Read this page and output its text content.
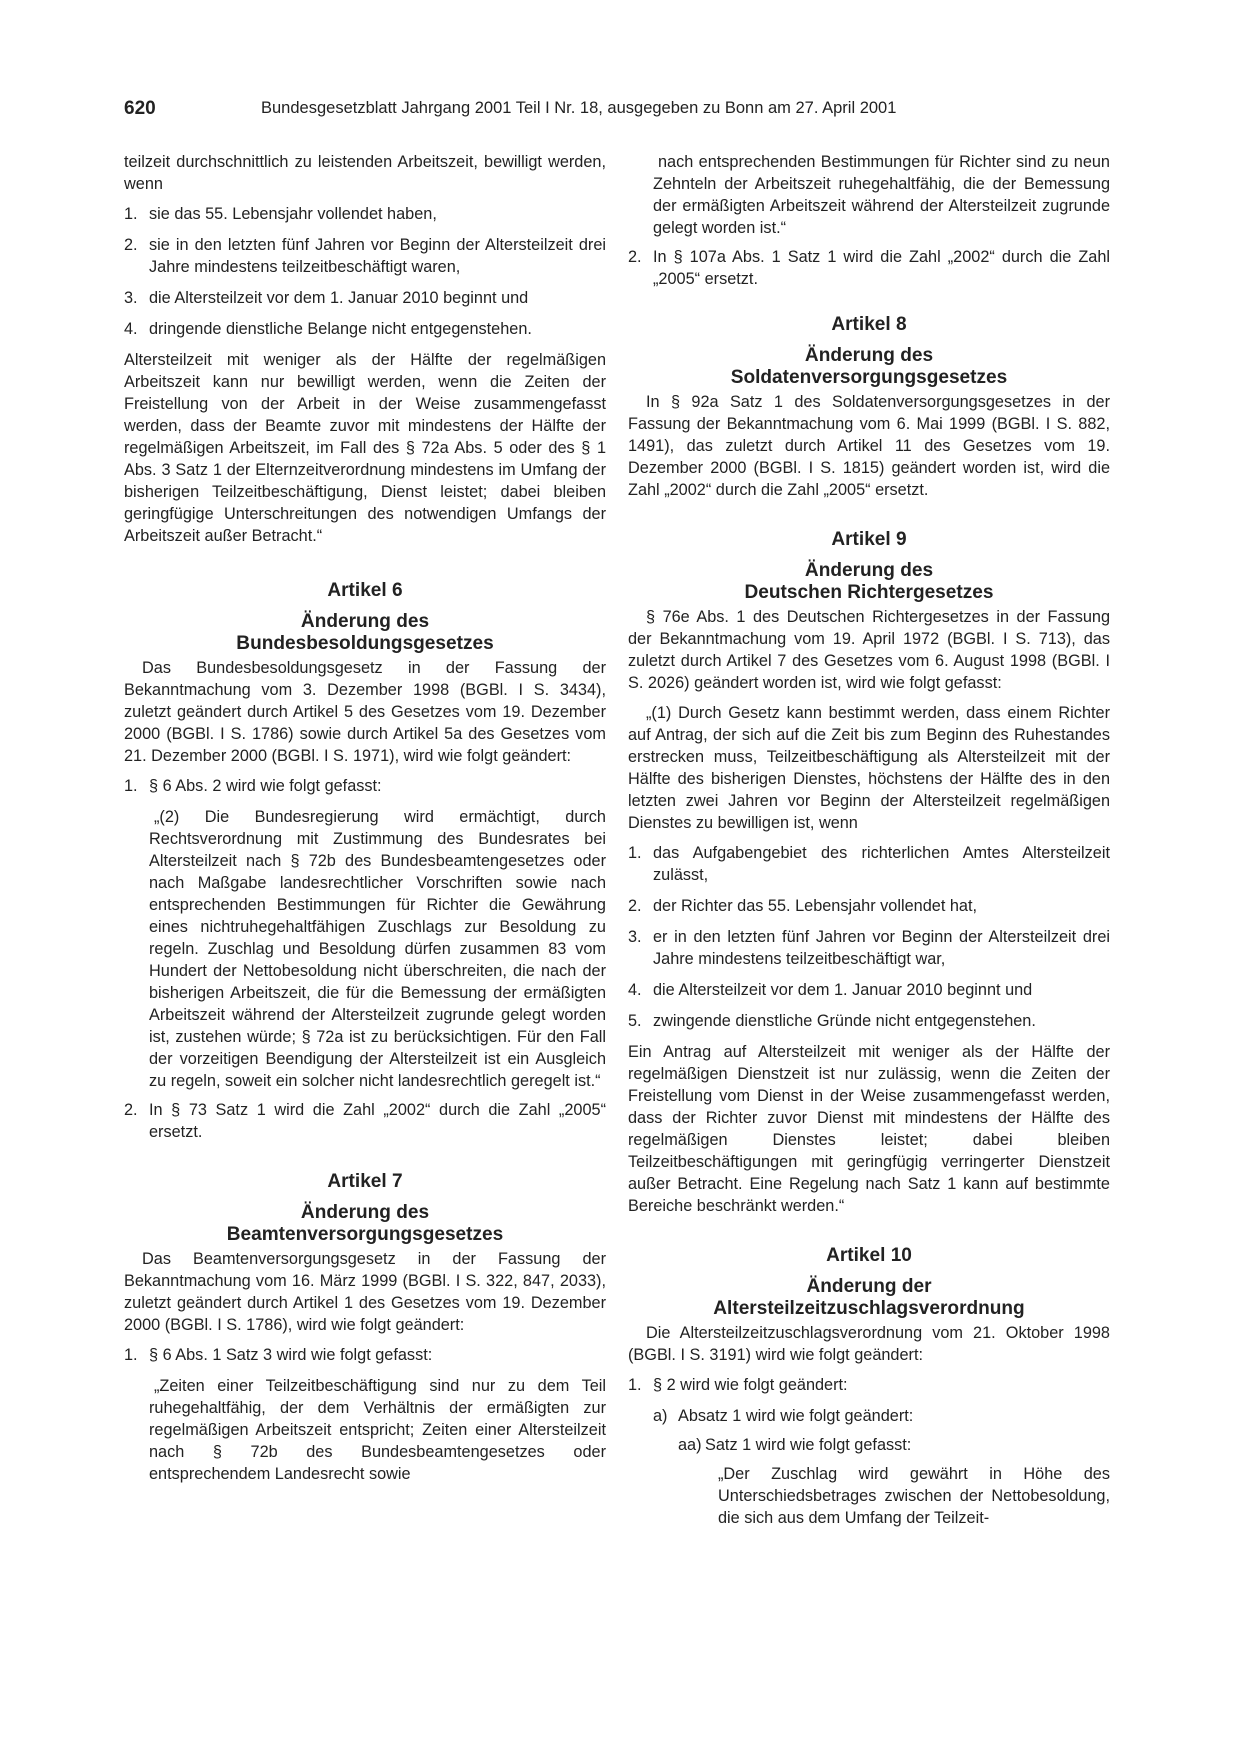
620	Bundesgesetzblatt Jahrgang 2001 Teil I Nr. 18, ausgegeben zu Bonn am 27. April 2001

teilzeit durchschnittlich zu leistenden Arbeitszeit, bewilligt werden, wenn

1. sie das 55. Lebensjahr vollendet haben,
2. sie in den letzten fünf Jahren vor Beginn der Altersteilzeit drei Jahre mindestens teilzeitbeschäftigt waren,
3. die Altersteilzeit vor dem 1. Januar 2010 beginnt und
4. dringende dienstliche Belange nicht entgegenstehen.

Altersteilzeit mit weniger als der Hälfte der regelmäßigen Arbeitszeit kann nur bewilligt werden, wenn die Zeiten der Freistellung von der Arbeit in der Weise zusammengefasst werden, dass der Beamte zuvor mit mindestens der Hälfte der regelmäßigen Arbeitszeit, im Fall des § 72a Abs. 5 oder des § 1 Abs. 3 Satz 1 der Elternzeitverordnung mindestens im Umfang der bisherigen Teilzeitbeschäftigung, Dienst leistet; dabei bleiben geringfügige Unterschreitungen des notwendigen Umfangs der Arbeitszeit außer Betracht.“

Artikel 6
Änderung des
Bundesbesoldungsgesetzes

Das Bundesbesoldungsgesetz in der Fassung der Bekanntmachung vom 3. Dezember 1998 (BGBl. I S. 3434), zuletzt geändert durch Artikel 5 des Gesetzes vom 19. Dezember 2000 (BGBl. I S. 1786) sowie durch Artikel 5a des Gesetzes vom 21. Dezember 2000 (BGBl. I S. 1971), wird wie folgt geändert:

1. § 6 Abs. 2 wird wie folgt gefasst:

„(2) Die Bundesregierung wird ermächtigt, durch Rechtsverordnung mit Zustimmung des Bundesrates bei Altersteilzeit nach § 72b des Bundesbeamtengesetzes oder nach Maßgabe landesrechtlicher Vorschriften sowie nach entsprechenden Bestimmungen für Richter die Gewährung eines nichtruhegehaltfähigen Zuschlags zur Besoldung zu regeln. Zuschlag und Besoldung dürfen zusammen 83 vom Hundert der Nettobesoldung nicht überschreiten, die nach der bisherigen Arbeitszeit, die für die Bemessung der ermäßigten Arbeitszeit während der Altersteilzeit zugrunde gelegt worden ist, zustehen würde; § 72a ist zu berücksichtigen. Für den Fall der vorzeitigen Beendigung der Altersteilzeit ist ein Ausgleich zu regeln, soweit ein solcher nicht landesrechtlich geregelt ist.“

2. In § 73 Satz 1 wird die Zahl „2002“ durch die Zahl „2005“ ersetzt.
Artikel 7
Änderung des
Beamtenversorgungsgesetzes

Das Beamtenversorgungsgesetz in der Fassung der Bekanntmachung vom 16. März 1999 (BGBl. I S. 322, 847, 2033), zuletzt geändert durch Artikel 1 des Gesetzes vom 19. Dezember 2000 (BGBl. I S. 1786), wird wie folgt geändert:

1. § 6 Abs. 1 Satz 3 wird wie folgt gefasst:

„Zeiten einer Teilzeitbeschäftigung sind nur zu dem Teil ruhegehaltfähig, der dem Verhältnis der ermäßigten zur regelmäßigen Arbeitszeit entspricht; Zeiten einer Altersteilzeit nach § 72b des Bundesbeamtengesetzes oder entsprechendem Landesrecht sowie

nach entsprechenden Bestimmungen für Richter sind zu neun Zehnteln der Arbeitszeit ruhegehaltfähig, die der Bemessung der ermäßigten Arbeitszeit während der Altersteilzeit zugrunde gelegt worden ist.“

2. In § 107a Abs. 1 Satz 1 wird die Zahl „2002“ durch die Zahl „2005“ ersetzt.
Artikel 8
Änderung des
Soldatenversorgungsgesetzes

In § 92a Satz 1 des Soldatenversorgungsgesetzes in der Fassung der Bekanntmachung vom 6. Mai 1999 (BGBl. I S. 882, 1491), das zuletzt durch Artikel 11 des Gesetzes vom 19. Dezember 2000 (BGBl. I S. 1815) geändert worden ist, wird die Zahl „2002“ durch die Zahl „2005“ ersetzt.

Artikel 9
Änderung des
Deutschen Richtergesetzes

§ 76e Abs. 1 des Deutschen Richtergesetzes in der Fassung der Bekanntmachung vom 19. April 1972 (BGBl. I S. 713), das zuletzt durch Artikel 7 des Gesetzes vom 6. August 1998 (BGBl. I S. 2026) geändert worden ist, wird wie folgt gefasst:

„(1) Durch Gesetz kann bestimmt werden, dass einem Richter auf Antrag, der sich auf die Zeit bis zum Beginn des Ruhestandes erstrecken muss, Teilzeitbeschäftigung als Altersteilzeit mit der Hälfte des bisherigen Dienstes, höchstens der Hälfte des in den letzten zwei Jahren vor Beginn der Altersteilzeit regelmäßigen Dienstes zu bewilligen ist, wenn

1. das Aufgabengebiet des richterlichen Amtes Altersteilzeit zulässt,
2. der Richter das 55. Lebensjahr vollendet hat,
3. er in den letzten fünf Jahren vor Beginn der Altersteilzeit drei Jahre mindestens teilzeitbeschäftigt war,
4. die Altersteilzeit vor dem 1. Januar 2010 beginnt und
5. zwingende dienstliche Gründe nicht entgegenstehen.

Ein Antrag auf Altersteilzeit mit weniger als der Hälfte der regelmäßigen Dienstzeit ist nur zulässig, wenn die Zeiten der Freistellung vom Dienst in der Weise zusammengefasst werden, dass der Richter zuvor Dienst mit mindestens der Hälfte des regelmäßigen Dienstes leistet; dabei bleiben Teilzeitbeschäftigungen mit geringfügig verringerter Dienstzeit außer Betracht. Eine Regelung nach Satz 1 kann auf bestimmte Bereiche beschränkt werden.“

Artikel 10
Änderung der
Altersteilzeitzuschlagsverordnung

Die Altersteilzeitzuschlagsverordnung vom 21. Oktober 1998 (BGBl. I S. 3191) wird wie folgt geändert:

1. § 2 wird wie folgt geändert:
a) Absatz 1 wird wie folgt geändert:
aa) Satz 1 wird wie folgt gefasst:

„Der Zuschlag wird gewährt in Höhe des Unterschiedsbetrages zwischen der Nettobesoldung, die sich aus dem Umfang der Teilzeit-
